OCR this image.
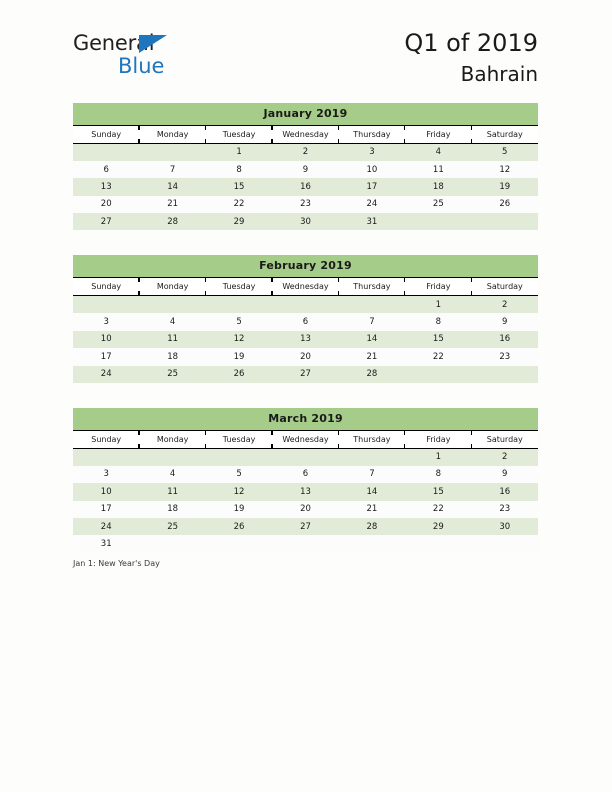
General
Blue
Q1 of 2019
Bahrain
January 2019
Sunday	Monday	Tuesday	Wednesday	Thursday	Friday	Saturday
		1	2	3	4	5
6	7	8	9	10	11	12
13	14	15	16	17	18	19
20	21	22	23	24	25	26
27	28	29	30	31		
February 2019
Sunday	Monday	Tuesday	Wednesday	Thursday	Friday	Saturday
					1	2
3	4	5	6	7	8	9
10	11	12	13	14	15	16
17	18	19	20	21	22	23
24	25	26	27	28		
March 2019
Sunday	Monday	Tuesday	Wednesday	Thursday	Friday	Saturday
					1	2
3	4	5	6	7	8	9
10	11	12	13	14	15	16
17	18	19	20	21	22	23
24	25	26	27	28	29	30
31						
Jan 1: New Year's Day
